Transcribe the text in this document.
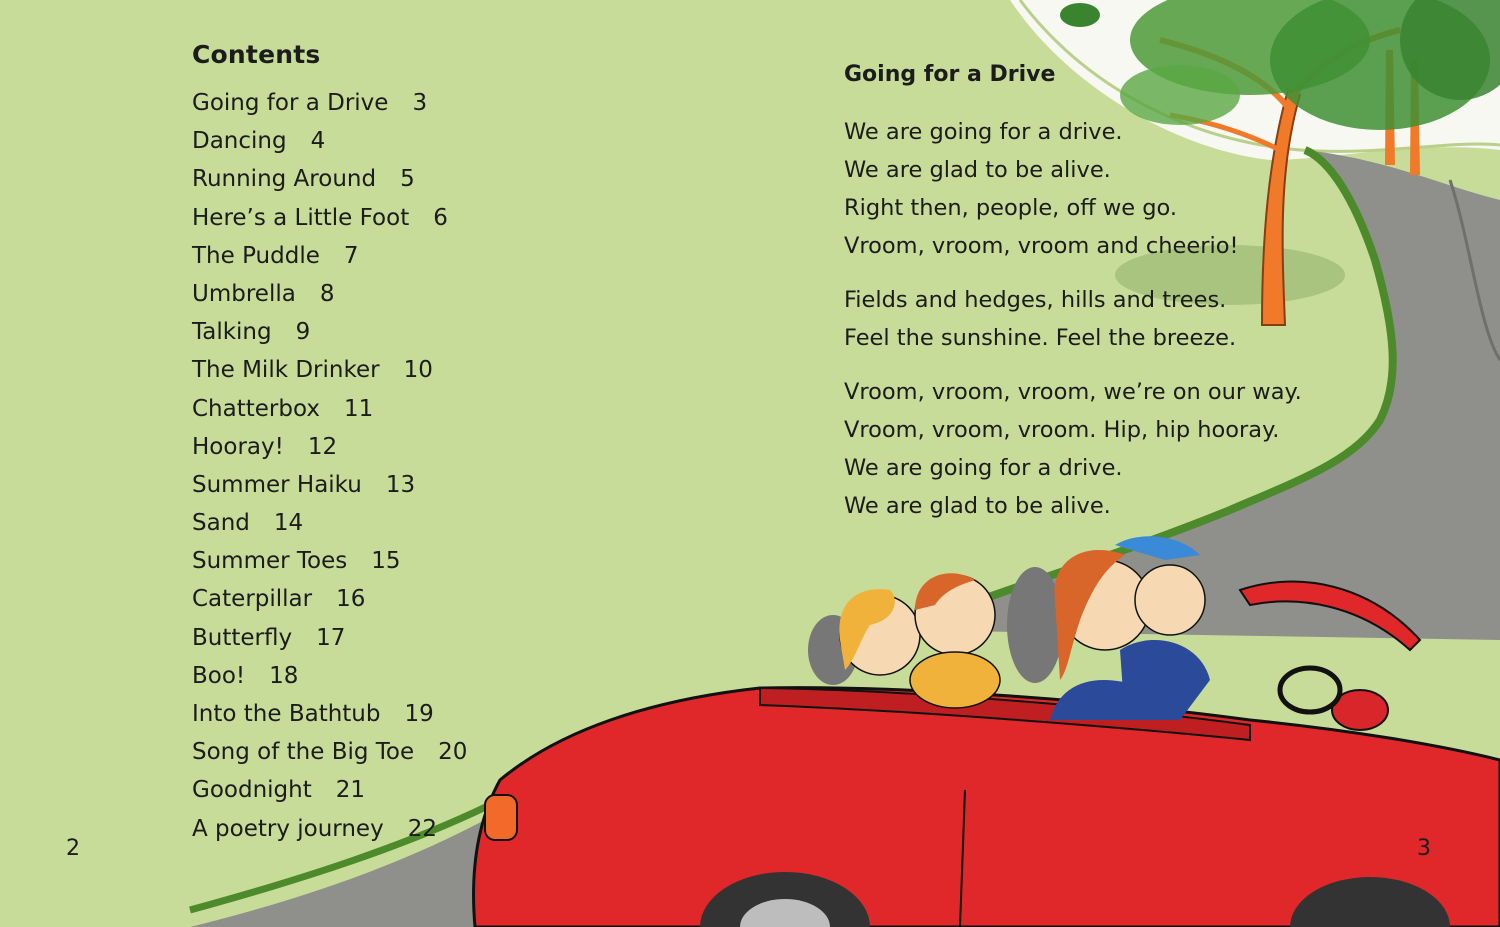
Contents
Going for a Drive 3
Dancing 4
Running Around 5
Here’s a Little Foot 6
The Puddle 7
Umbrella 8
Talking 9
The Milk Drinker 10
Chatterbox 11
Hooray! 12
Summer Haiku 13
Sand 14
Summer Toes 15
Caterpillar 16
Butterfly 17
Boo! 18
Into the Bathtub 19
Song of the Big Toe 20
Goodnight 21
A poetry journey 22
2
Going for a Drive
We are going for a drive.
We are glad to be alive.
Right then, people, off we go.
Vroom, vroom, vroom and cheerio!
Fields and hedges, hills and trees.
Feel the sunshine. Feel the breeze.
Vroom, vroom, vroom, we’re on our way.
Vroom, vroom, vroom. Hip, hip hooray.
We are going for a drive.
We are glad to be alive.
3
